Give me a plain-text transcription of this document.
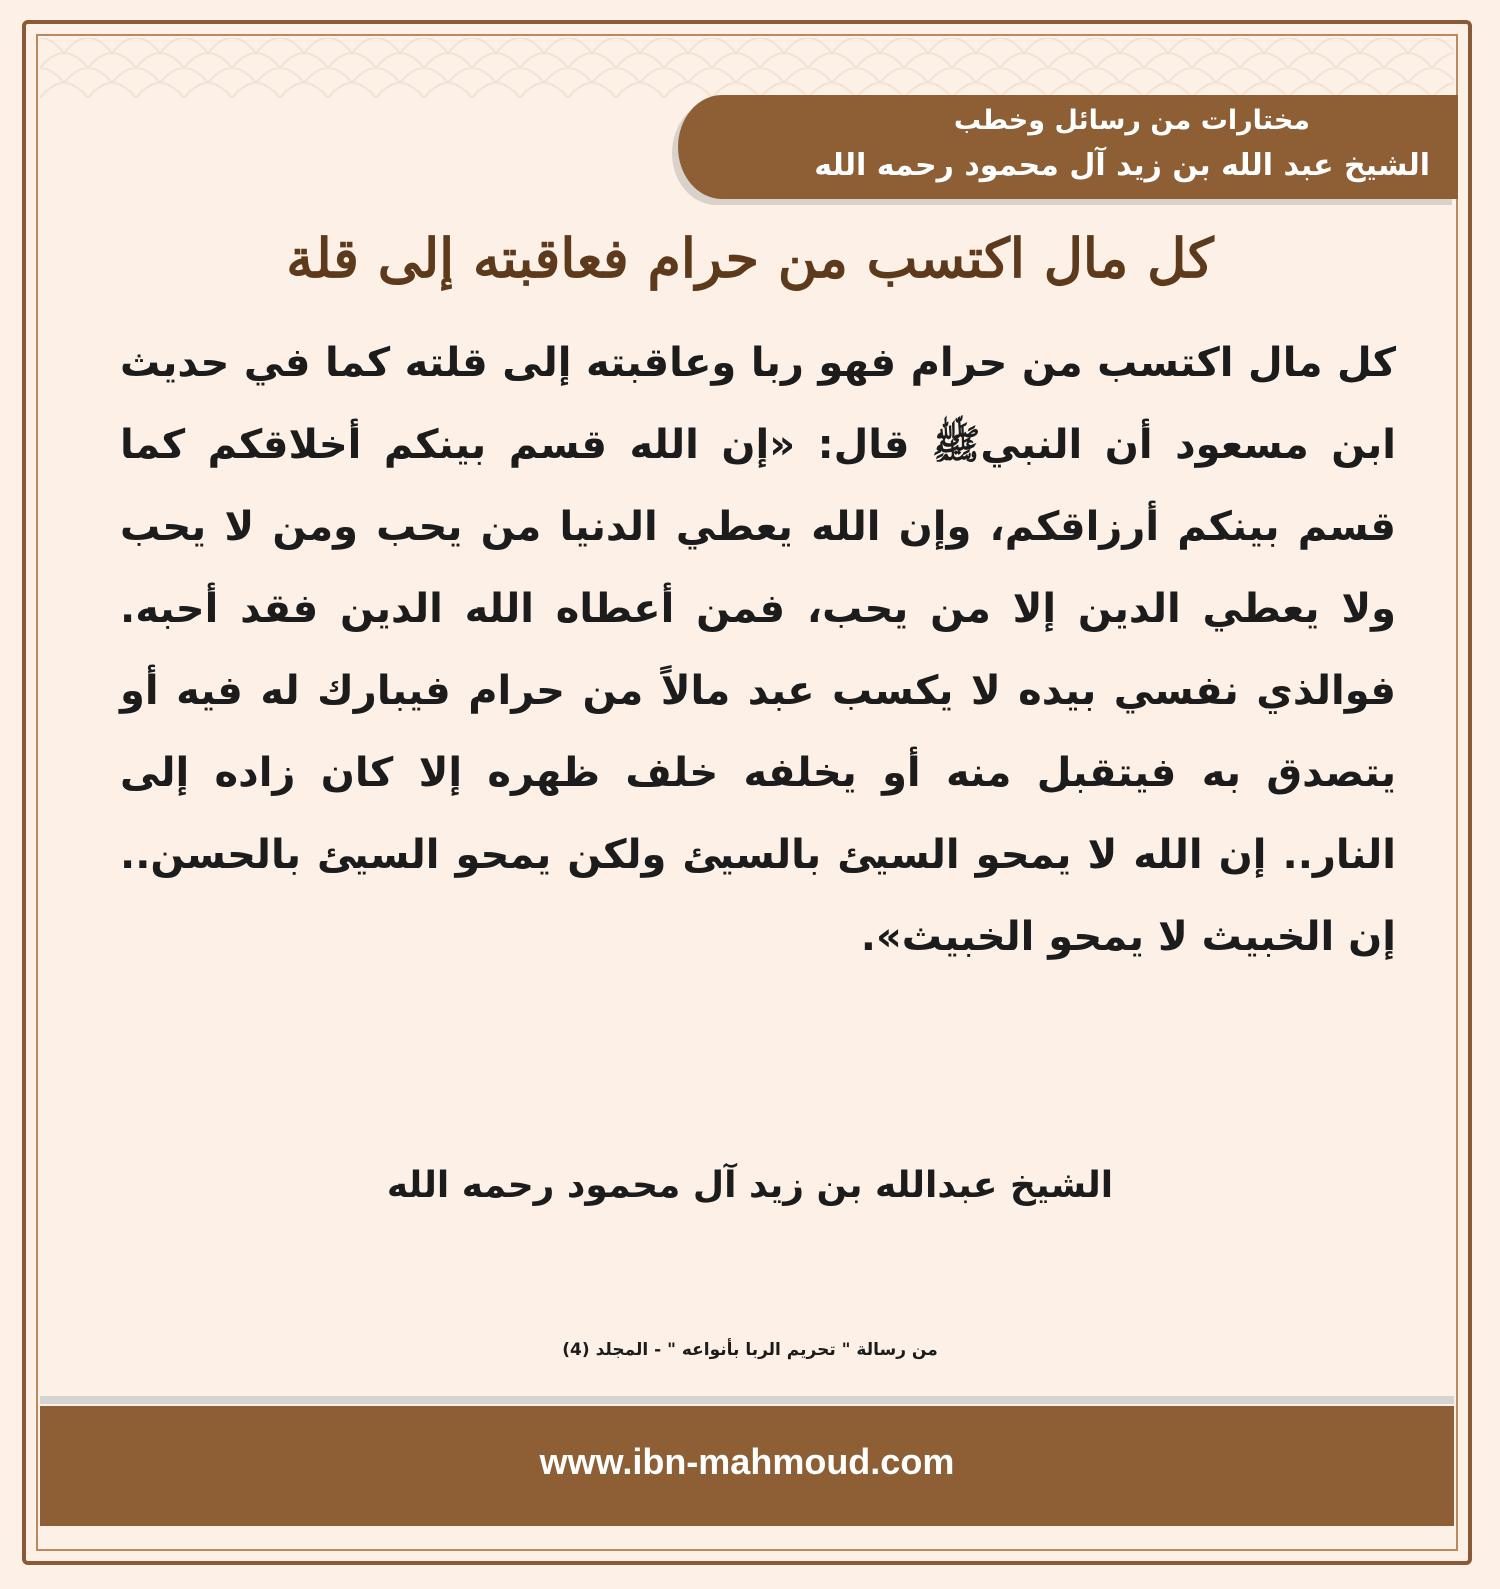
مختارات من رسائل وخطب
الشيخ عبد الله بن زيد آل محمود رحمه الله
كل مال اكتسب من حرام فعاقبته إلى قلة
كل مال اكتسب من حرام فهو ربا وعاقبته إلى قلته كما في حديث ابن مسعود أن النبيﷺ قال: «إن الله قسم بينكم أخلاقكم كما قسم بينكم أرزاقكم، وإن الله يعطي الدنيا من يحب ومن لا يحب ولا يعطي الدين إلا من يحب، فمن أعطاه الله الدين فقد أحبه. فوالذي نفسي بيده لا يكسب عبد مالاً من حرام فيبارك له فيه أو يتصدق به فيتقبل منه أو يخلفه خلف ظهره إلا كان زاده إلى النار.. إن الله لا يمحو السيئ بالسيئ ولكن يمحو السيئ بالحسن.. إن الخبيث لا يمحو الخبيث».
الشيخ عبدالله بن زيد آل محمود رحمه الله
من رسالة " تحريم الربا بأنواعه " - المجلد (4)
www.ibn-mahmoud.com
